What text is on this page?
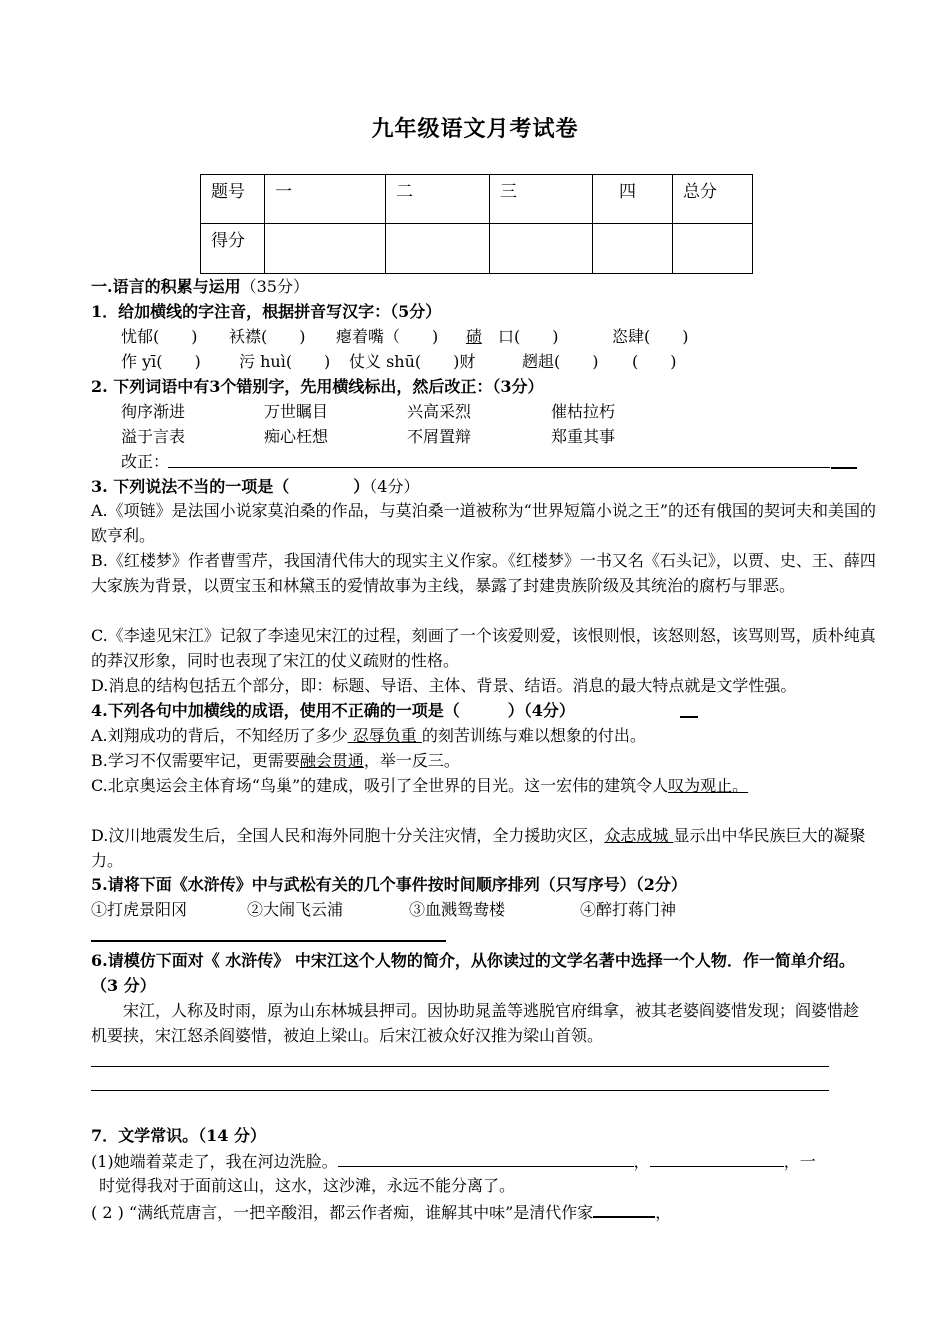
九年级语文月考试卷
题号	一	二	三	四	总分
得分					
一.语言的积累与运用（35分）
1．给加横线的字注音，根据拼音写汉字：（5分）
忧郁(　　) 袄襟(　　) 瘪着嘴（　　) 碛 口(　　)	恣肆(　　)
作 yī(　　) 污 huì(　　) 仗义 shū(　　)财	趔趄(　　) (　　)
2. 下列词语中有3个错别字，先用横线标出，然后改正：（3分）
徇序渐进	万世瞩目	兴高采烈	催枯拉朽
溢于言表	痴心枉想	不屑置辩	郑重其事
改正：
3. 下列说法不当的一项是（　　　　）（4分）
A.《项链》是法国小说家莫泊桑的作品，与莫泊桑一道被称为“世界短篇小说之王”的还有俄国的契诃夫和美国的欧亨利。
B.《红楼梦》作者曹雪芹，我国清代伟大的现实主义作家。《红楼梦》一书又名《石头记》，以贾、史、王、薛四大家族为背景，以贾宝玉和林黛玉的爱情故事为主线，暴露了封建贵族阶级及其统治的腐朽与罪恶。
C.《李逵见宋江》记叙了李逵见宋江的过程，刻画了一个该爱则爱，该恨则恨，该怒则怒，该骂则骂，质朴纯真的莽汉形象，同时也表现了宋江的仗义疏财的性格。
D.消息的结构包括五个部分，即：标题、导语、主体、背景、结语。消息的最大特点就是文学性强。
4.下列各句中加横线的成语，使用不正确的一项是（　　　）（4分）
A.刘翔成功的背后，不知经历了多少 忍辱负重 的刻苦训练与难以想象的付出。
B.学习不仅需要牢记，更需要融会贯通，举一反三。
C.北京奥运会主体育场“鸟巢”的建成，吸引了全世界的目光。这一宏伟的建筑令人叹为观止。
D.汶川地震发生后，全国人民和海外同胞十分关注灾情，全力援助灾区，众志成城 显示出中华民族巨大的凝聚力。
5.请将下面《水浒传》中与武松有关的几个事件按时间顺序排列（只写序号）（2分）
①打虎景阳冈	②大闹飞云浦	③血溅鸳鸯楼	④醉打蒋门神
6.请模仿下面对《 水浒传》 中宋江这个人物的简介，从你读过的文学名著中选择一个人物．作一简单介绍。（3 分）
宋江，人称及时雨，原为山东林城县押司。因协助晁盖等逃脱官府缉拿，被其老婆阎婆惜发现；阎婆惜趁机要挟，宋江怒杀阎婆惜，被迫上梁山。后宋江被众好汉推为梁山首领。
7．文学常识。（14 分）
(1)她端着菜走了，我在河边洗脸。	，	，一
时觉得我对于面前这山，这水，这沙滩，永远不能分离了。
( 2 ) “满纸荒唐言，一把辛酸泪，都云作者痴，谁解其中味”是清代作家	，
